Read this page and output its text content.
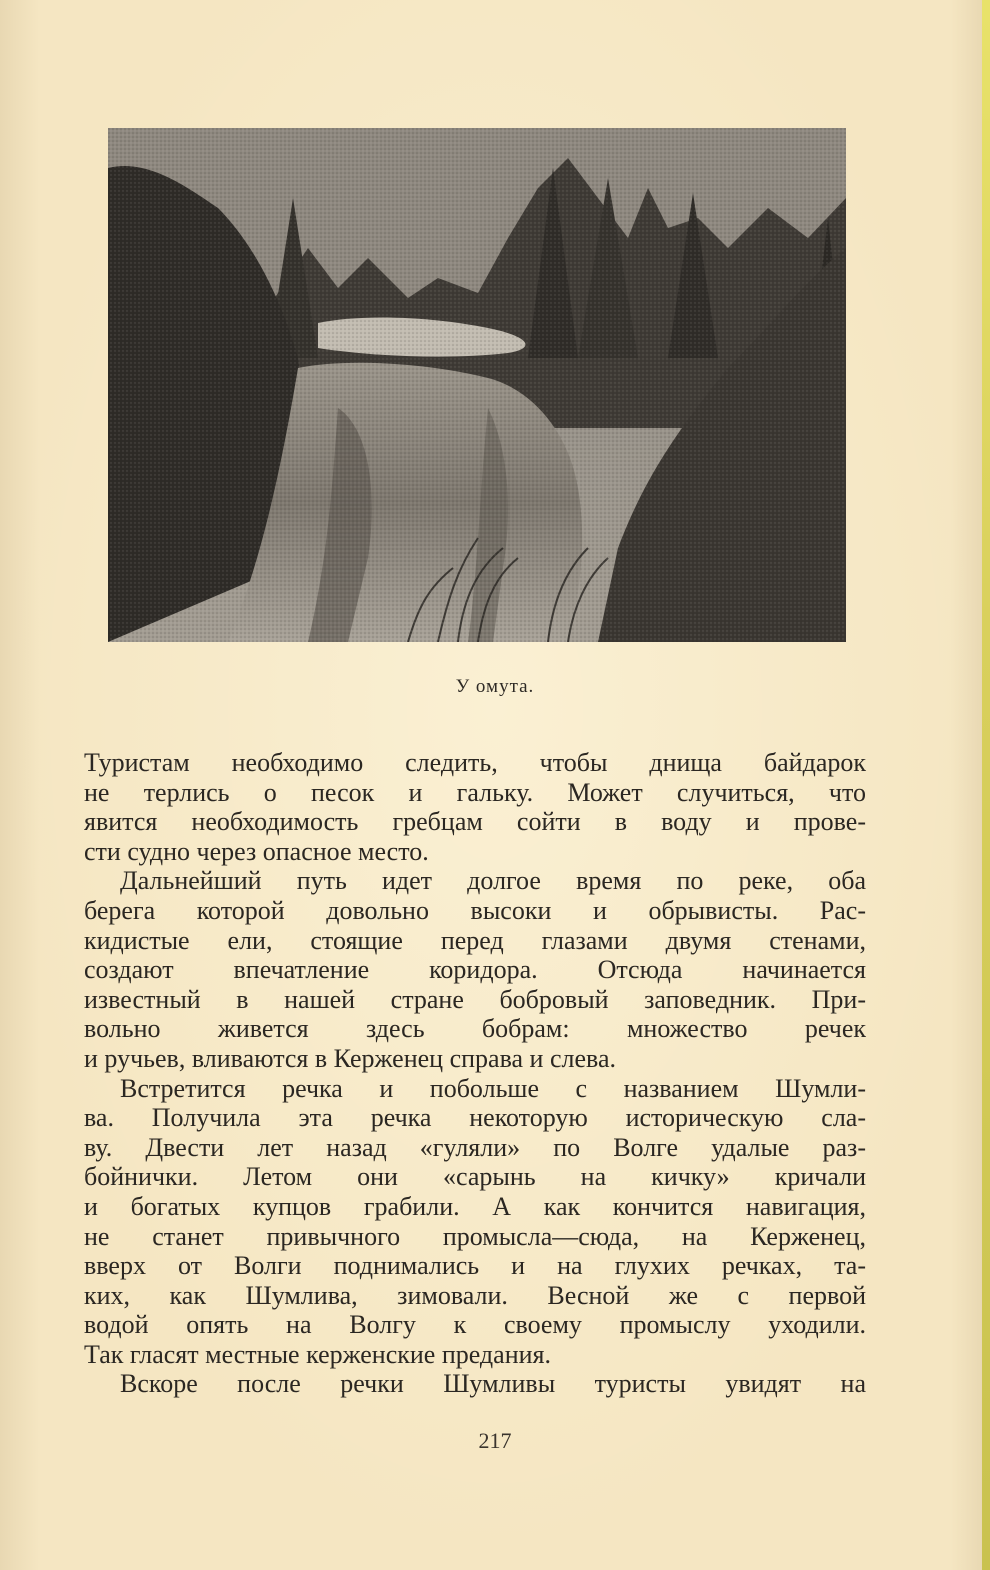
У омута.
Туристам необходимо следить, чтобы днища байдарок
не терлись о песок и гальку. Может случиться, что
явится необходимость гребцам сойти в воду и прове-
сти судно через опасное место.
Дальнейший путь идет долгое время по реке, оба
берега которой довольно высоки и обрывисты. Рас-
кидистые ели, стоящие перед глазами двумя стенами,
создают впечатление коридора. Отсюда начинается
известный в нашей стране бобровый заповедник. При-
вольно живется здесь бобрам: множество речек
и ручьев, вливаются в Керженец справа и слева.
Встретится речка и побольше с названием Шумли-
ва. Получила эта речка некоторую историческую сла-
ву. Двести лет назад «гуляли» по Волге удалые раз-
бойнички. Летом они «сарынь на кичку» кричали
и богатых купцов грабили. А как кончится навигация,
не станет привычного промысла—сюда, на Керженец,
вверх от Волги поднимались и на глухих речках, та-
ких, как Шумлива, зимовали. Весной же с первой
водой опять на Волгу к своему промыслу уходили.
Так гласят местные керженские предания.
Вскоре после речки Шумливы туристы увидят на
217
